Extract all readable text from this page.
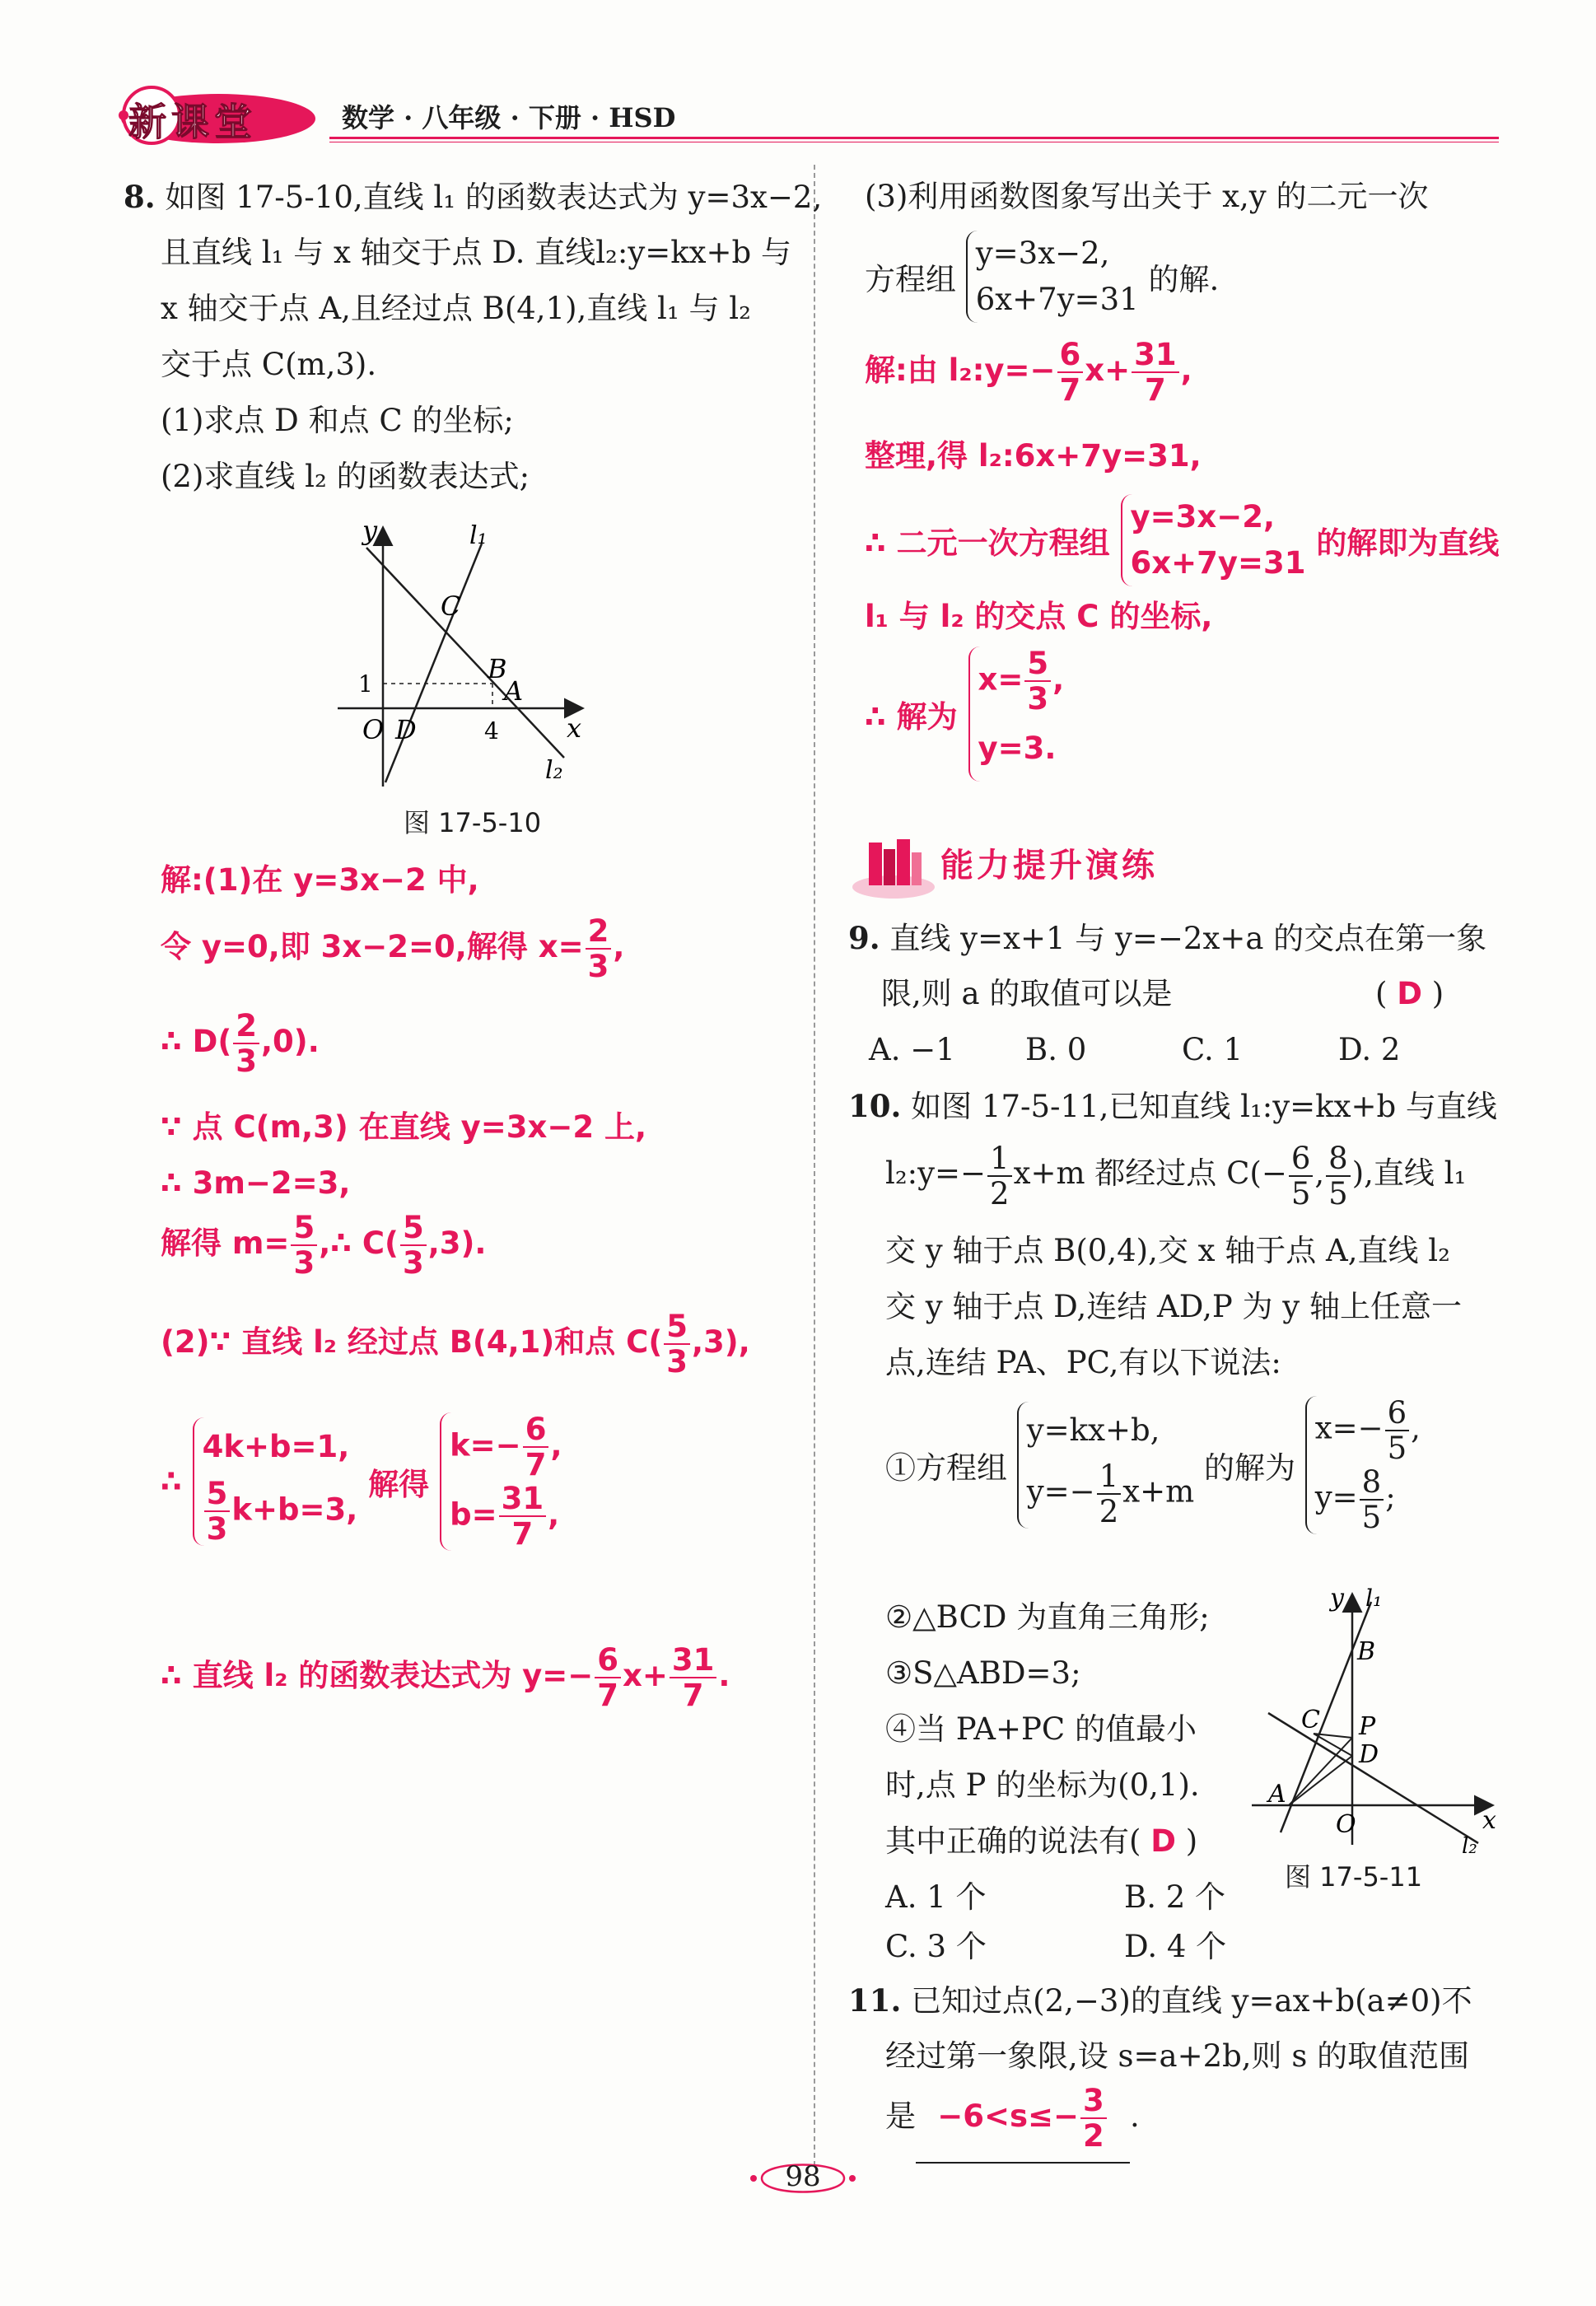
新课堂	数学 · 八年级 · 下册 · HSD
8. 如图 17-5-10,直线 l₁ 的函数表达式为 y=3x−2,
且直线 l₁ 与 x 轴交于点 D. 直线l₂:y=kx+b 与
x 轴交于点 A,且经过点 B(4,1),直线 l₁ 与 l₂
交于点 C(m,3).
(1)求点 D 和点 C 的坐标;
(2)求直线 l₂ 的函数表达式;
y
x
O D
C
B
A
l₁
l₂
1
4
图 17-5-10
解:(1)在 y=3x−2 中,
令 y=0,即 3x−2=0,解得 $x= \frac{2}{3}$ ,
∴ $D( \frac{2}{3} ,0)$.
∵ 点 C(m,3) 在直线 y=3x−2 上,
∴ 3m−2=3,
解得 $m= \frac{5}{3}$ ,∴ $C( \frac{5}{3} ,3)$.
(2)∵ 直线 l₂ 经过点 B(4,1)和点 $C( \frac{5}{3} ,3)$,
∴
4k+b=1,
$\frac{5}{3} k+b=3$,
解得
$k=- \frac{6}{7}$ ,
$b= \frac{31}{7}$ ,
∴ 直线 l₂ 的函数表达式为 $y=- \frac{6}{7} x+ \frac{31}{7}$ .
(3)利用函数图象写出关于 x,y 的二元一次
方程组
y=3x−2,
6x+7y=31
的解.
解:由 l₂:y=− $\frac{6}{7} x+ \frac{31}{7}$ ,
整理,得 l₂:6x+7y=31,
∴ 二元一次方程组
y=3x−2,
6x+7y=31
的解即为直线
l₁ 与 l₂ 的交点 C 的坐标,
∴ 解为
$x= \frac{5}{3}$ ,
y=3.
能力提升演练
9. 直线 y=x+1 与 y=−2x+a 的交点在第一象
限,则 a 的取值可以是	( D )
A. −1 B. 0	C. 1	D. 2
10. 如图 17-5-11,已知直线 l₁:y=kx+b 与直线
l₂:y=− $\frac{1}{2} x+m$ 都经过点 $C(- \frac{6}{5}$ , $\frac{8}{5}$ ),直线 l₁
交 y 轴于点 B(0,4),交 x 轴于点 A,直线 l₂
交 y 轴于点 D,连结 AD,P 为 y 轴上任意一
点,连结 PA、PC,有以下说法:
①方程组
y=kx+b,
$y=- \frac{1}{2} x+m$
的解为
$x=- \frac{6}{5}$ ,
$y= \frac{8}{5}$ ;
②△BCD 为直角三角形;
③S△ABD=3;
④当 PA+PC 的值最小
时,点 P 的坐标为(0,1).
其中正确的说法有( D )
A. 1 个	B. 2 个
C. 3 个	D. 4 个
y l₁
B
C P
D
A
O	x
l₂
图 17-5-11
11. 已知过点(2,−3)的直线 y=ax+b(a≠0)不
经过第一象限,设 s=a+2b,则 s 的取值范围
是 $-6<s\le- \frac{3}{2}$ .
98
